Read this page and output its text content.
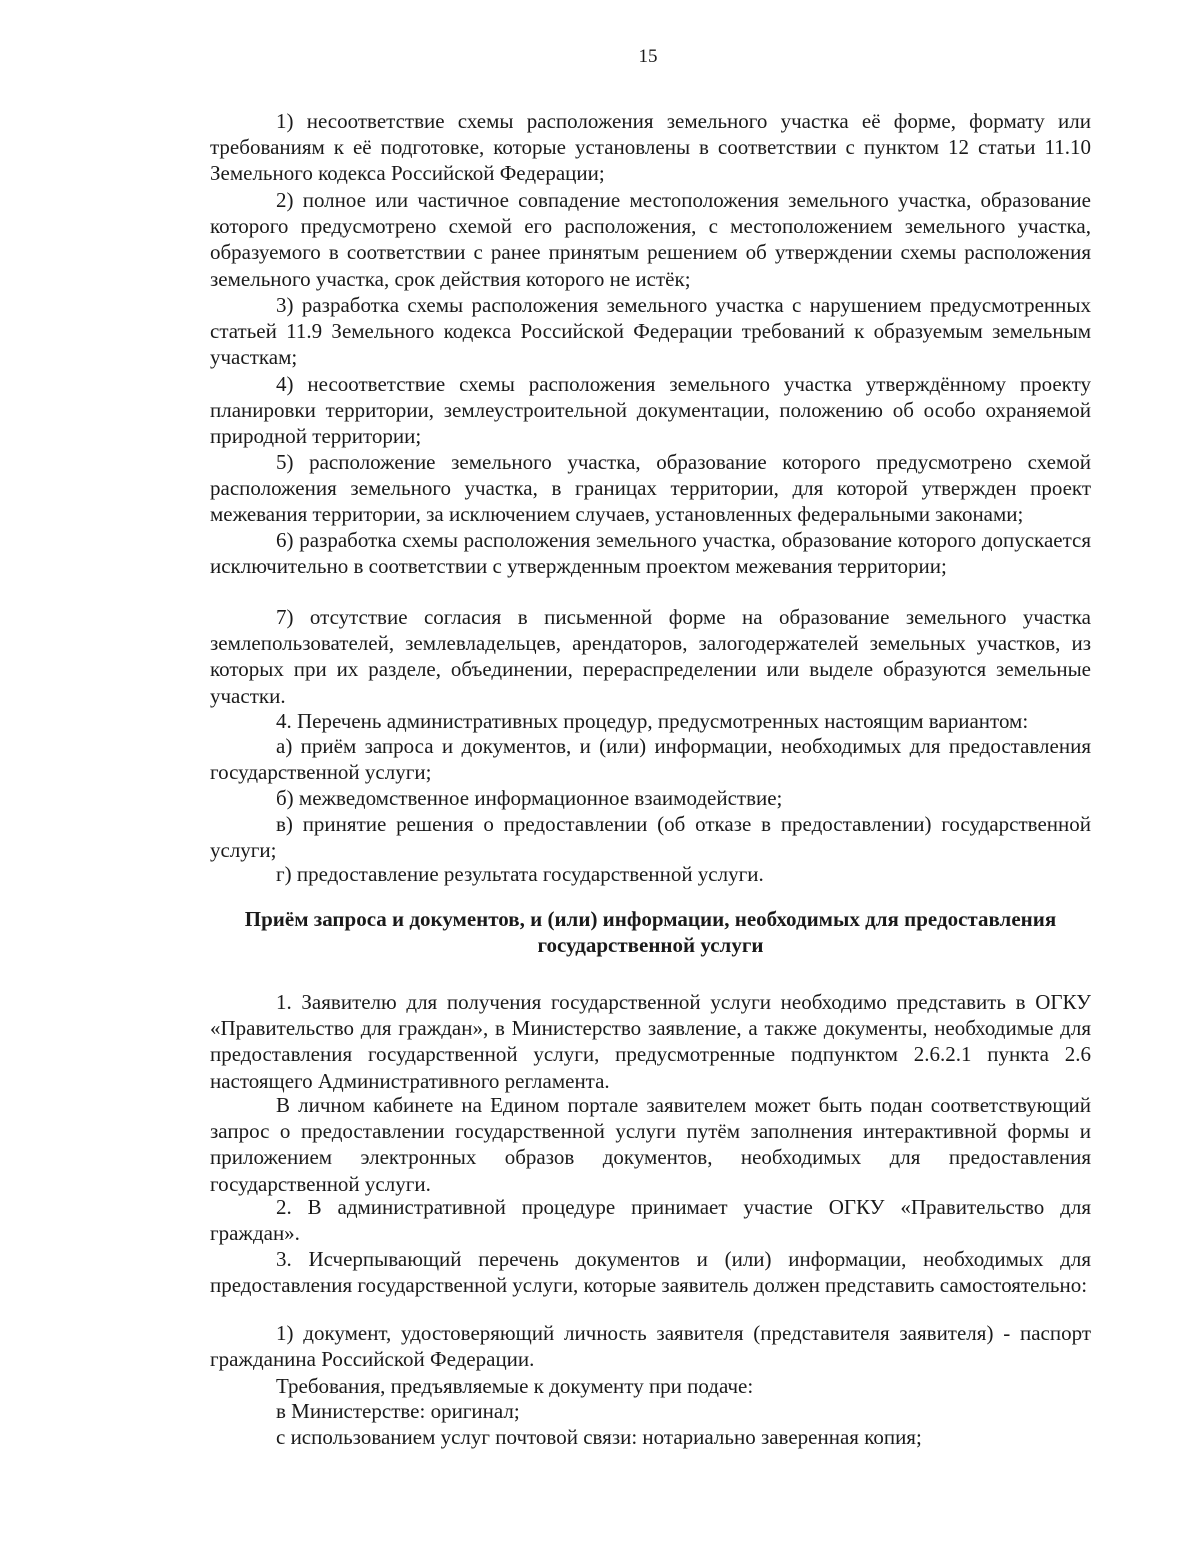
15

1) несоответствие схемы расположения земельного участка её форме, формату или требованиям к её подготовке, которые установлены в соответствии с пунктом 12 статьи 11.10 Земельного кодекса Российской Федерации;

2) полное или частичное совпадение местоположения земельного участка, образование которого предусмотрено схемой его расположения, с местоположением земельного участка, образуемого в соответствии с ранее принятым решением об утверждении схемы расположения земельного участка, срок действия которого не истёк;

3) разработка схемы расположения земельного участка с нарушением предусмотренных статьей 11.9 Земельного кодекса Российской Федерации требований к образуемым земельным участкам;

4) несоответствие схемы расположения земельного участка утверждённому проекту планировки территории, землеустроительной документации, положению об особо охраняемой природной территории;

5) расположение земельного участка, образование которого предусмотрено схемой расположения земельного участка, в границах территории, для которой утвержден проект межевания территории, за исключением случаев, установленных федеральными законами;

6) разработка схемы расположения земельного участка, образование которого допускается исключительно в соответствии с утвержденным проектом межевания территории;

7) отсутствие согласия в письменной форме на образование земельного участка землепользователей, землевладельцев, арендаторов, залогодержателей земельных участков, из которых при их разделе, объединении, перераспределении или выделе образуются земельные участки.

4. Перечень административных процедур, предусмотренных настоящим вариантом:

а) приём запроса и документов, и (или) информации, необходимых для предоставления государственной услуги;

б) межведомственное информационное взаимодействие;

в) принятие решения о предоставлении (об отказе в предоставлении) государственной услуги;

г) предоставление результата государственной услуги.

Приём запроса и документов, и (или) информации, необходимых для предоставления государственной услуги

1. Заявителю для получения государственной услуги необходимо представить в ОГКУ «Правительство для граждан», в Министерство заявление, а также документы, необходимые для предоставления государственной услуги, предусмотренные подпунктом 2.6.2.1 пункта 2.6 настоящего Административного регламента.

В личном кабинете на Едином портале заявителем может быть подан соответствующий запрос о предоставлении государственной услуги путём заполнения интерактивной формы и приложением электронных образов документов, необходимых для предоставления государственной услуги.

2. В административной процедуре принимает участие ОГКУ «Правительство для граждан».

3. Исчерпывающий перечень документов и (или) информации, необходимых для предоставления государственной услуги, которые заявитель должен представить самостоятельно:

1) документ, удостоверяющий личность заявителя (представителя заявителя) - паспорт гражданина Российской Федерации.

Требования, предъявляемые к документу при подаче:

в Министерстве: оригинал;

с использованием услуг почтовой связи: нотариально заверенная копия;
